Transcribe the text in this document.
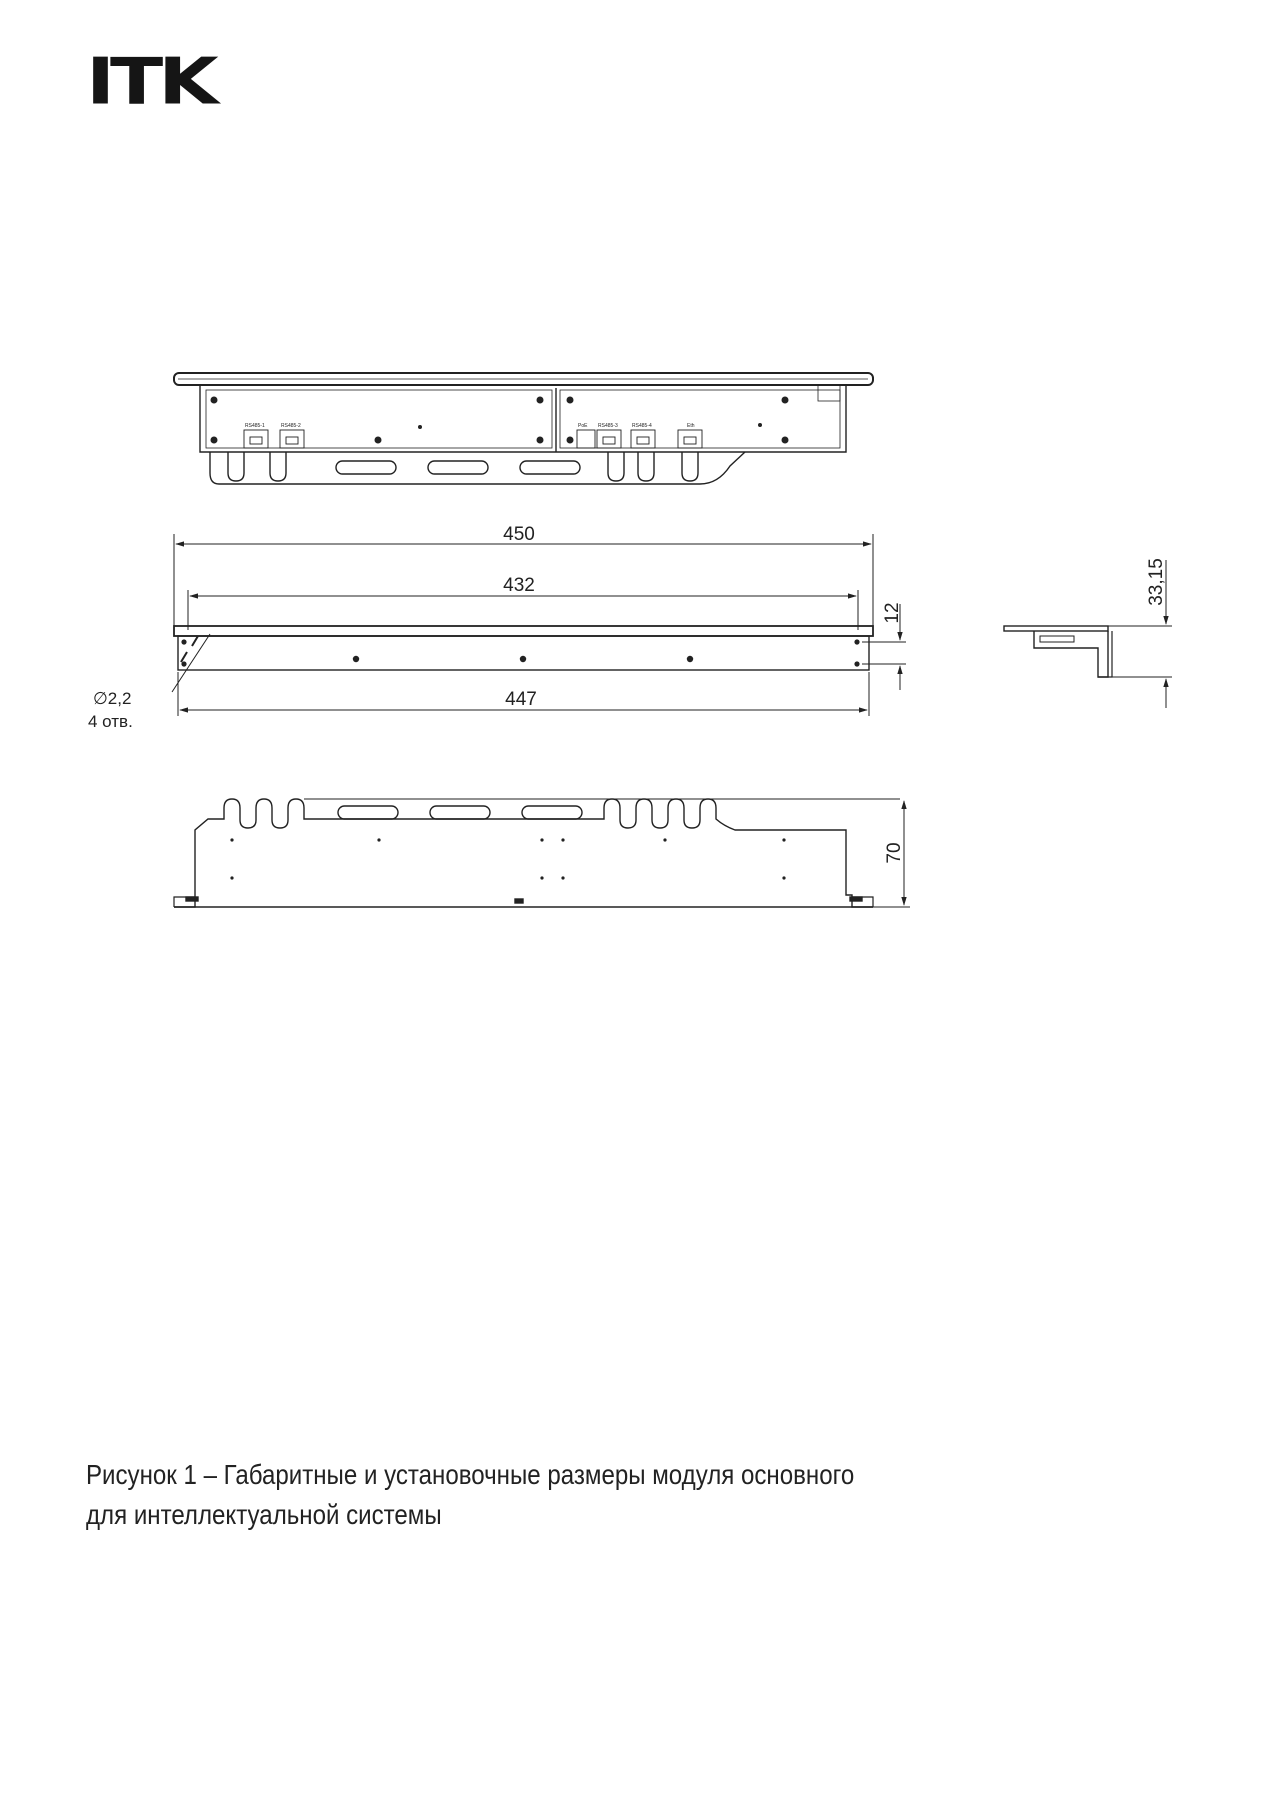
ITK
RS485-1	RS485-2	PoE RS485-3	RS485-4	Eth
450
432
∅2,2
4 отв.
447
12
33,15
70
Рисунок 1 – Габаритные и установочные размеры модуля основного
для интеллектуальной системы
